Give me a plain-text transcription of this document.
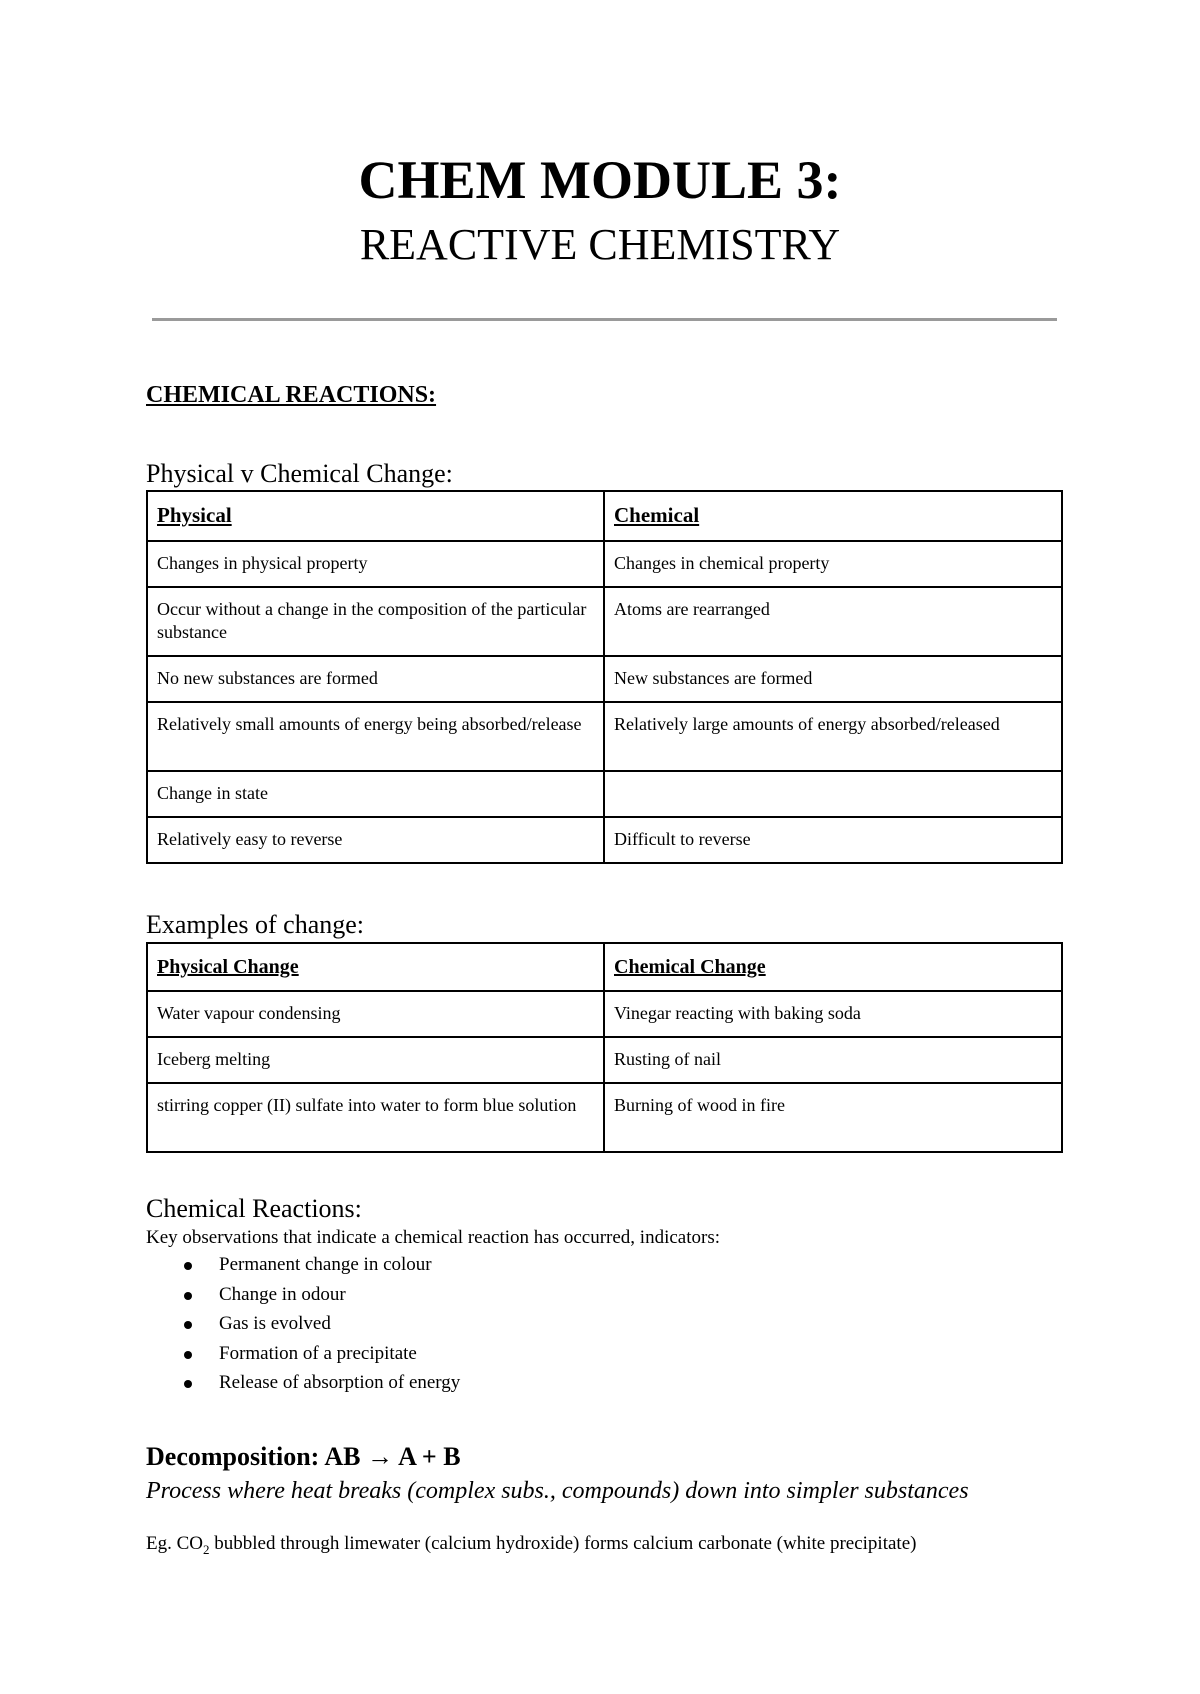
CHEM MODULE 3:
REACTIVE CHEMISTRY
CHEMICAL REACTIONS:
Physical v Chemical Change:
Physical	Chemical
Changes in physical property	Changes in chemical property
Occur without a change in the composition of the particular substance	Atoms are rearranged
No new substances are formed	New substances are formed
Relatively small amounts of energy being absorbed/release	Relatively large amounts of energy absorbed/released
Change in state	
Relatively easy to reverse	Difficult to reverse
Examples of change:
Physical Change	Chemical Change
Water vapour condensing	Vinegar reacting with baking soda
Iceberg melting	Rusting of nail
stirring copper (II) sulfate into water to form blue solution	Burning of wood in fire
Chemical Reactions:
Key observations that indicate a chemical reaction has occurred, indicators:
Permanent change in colour
Change in odour
Gas is evolved
Formation of a precipitate
Release of absorption of energy
Decomposition: AB → A + B
Process where heat breaks (complex subs., compounds) down into simpler substances
Eg. $CO_2$ bubbled through limewater (calcium hydroxide) forms calcium carbonate (white precipitate)
